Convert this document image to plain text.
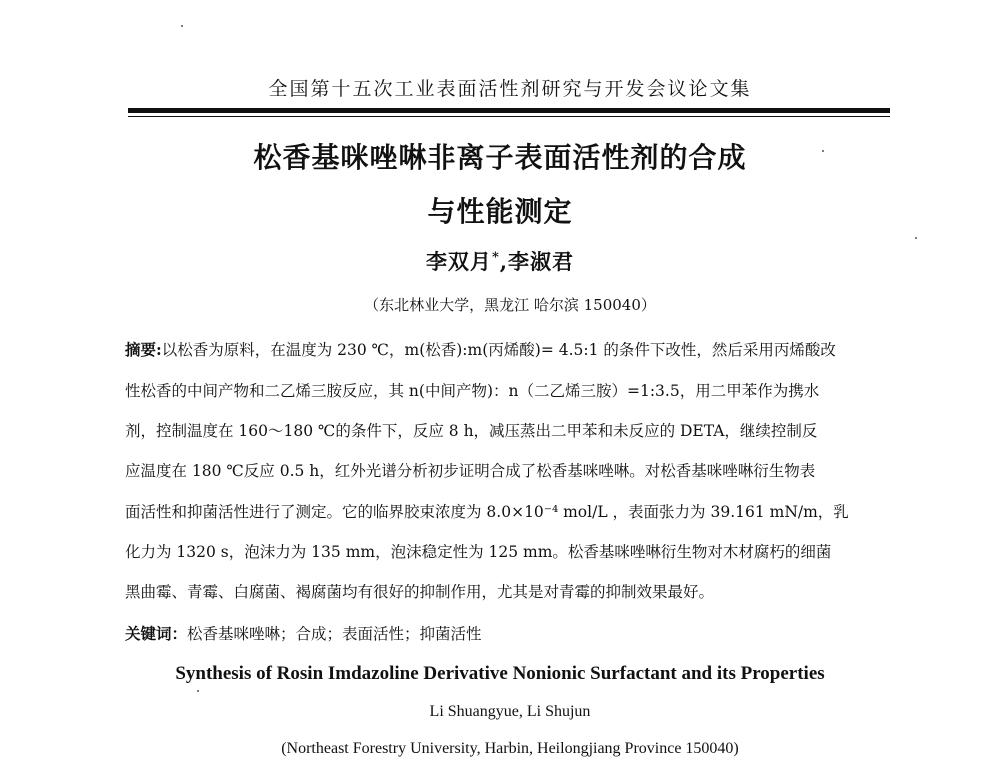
全国第十五次工业表面活性剂研究与开发会议论文集
松香基咪唑啉非离子表面活性剂的合成
与性能测定
李双月*,李淑君
（东北林业大学，黑龙江 哈尔滨 150040）
摘要:以松香为原料，在温度为 230 ℃，m(松香):m(丙烯酸)= 4.5:1 的条件下改性，然后采用丙烯酸改
性松香的中间产物和二乙烯三胺反应，其 n(中间产物)：n（二乙烯三胺）=1:3.5，用二甲苯作为携水
剂，控制温度在 160～180 ℃的条件下，反应 8 h，减压蒸出二甲苯和未反应的 DETA，继续控制反
应温度在 180 ℃反应 0.5 h，红外光谱分析初步证明合成了松香基咪唑啉。对松香基咪唑啉衍生物表
面活性和抑菌活性进行了测定。它的临界胶束浓度为 8.0×10⁻⁴ mol/L ，表面张力为 39.161 mN/m，乳
化力为 1320 s，泡沫力为 135 mm，泡沫稳定性为 125 mm。松香基咪唑啉衍生物对木材腐朽的细菌
黑曲霉、青霉、白腐菌、褐腐菌均有很好的抑制作用，尤其是对青霉的抑制效果最好。
关键词：松香基咪唑啉；合成；表面活性；抑菌活性
Synthesis of Rosin Imdazoline Derivative Nonionic Surfactant and its Properties
Li Shuangyue, Li Shujun
(Northeast Forestry University, Harbin, Heilongjiang Province 150040)
